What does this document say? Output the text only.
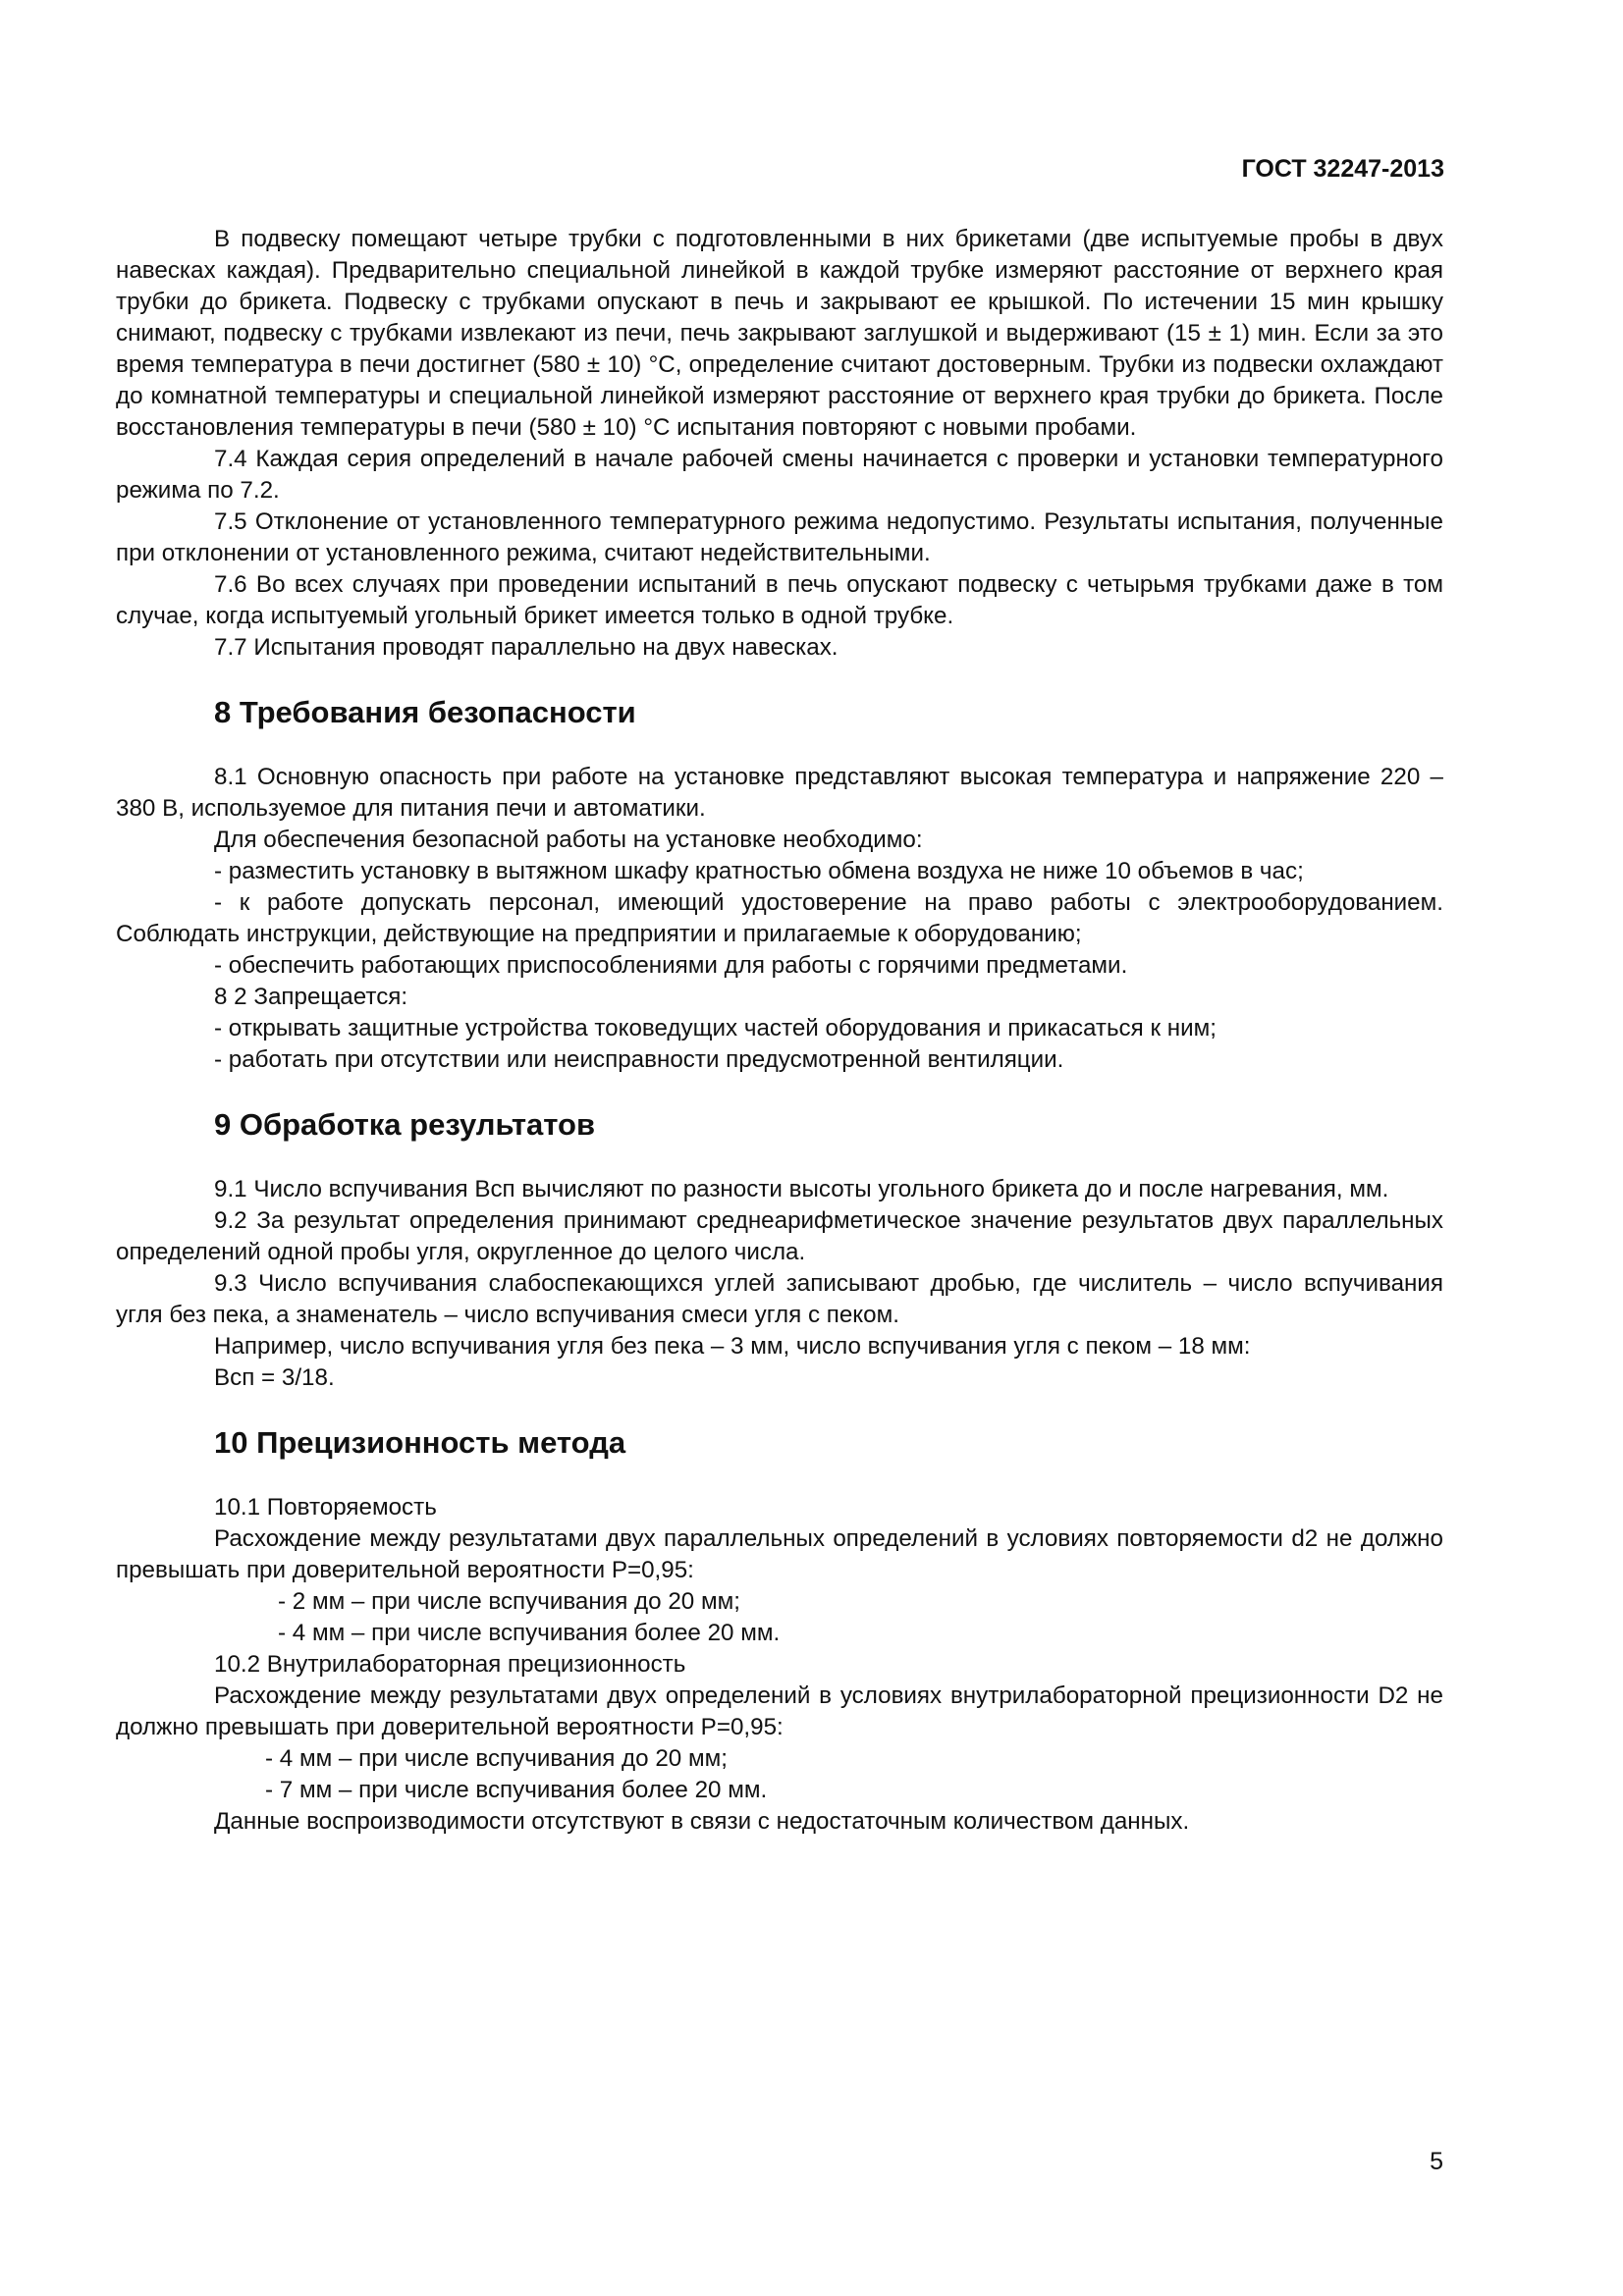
ГОСТ 32247-2013

В подвеску помещают четыре трубки с подготовленными в них брикетами (две испытуемые пробы в двух навесках каждая). Предварительно специальной линейкой в каждой трубке измеряют расстояние от верхнего края трубки до брикета. Подвеску с трубками опускают в печь и закрывают ее крышкой. По истечении 15 мин крышку снимают, подвеску с трубками извлекают из печи, печь закрывают заглушкой и выдерживают (15 ± 1) мин. Если за это время температура в печи достигнет (580 ± 10) °С, определение считают достоверным. Трубки из подвески охлаждают до комнатной температуры и специальной линейкой измеряют расстояние от верхнего края трубки до брикета. После восстановления температуры в печи (580 ± 10) °С испытания повторяют с новыми пробами.

7.4 Каждая серия определений в начале рабочей смены начинается с проверки и установки температурного режима по 7.2.

7.5 Отклонение от установленного температурного режима недопустимо. Результаты испытания, полученные при отклонении от установленного режима, считают недействительными.

7.6 Во всех случаях при проведении испытаний в печь опускают подвеску с четырьмя трубками даже в том случае, когда испытуемый угольный брикет имеется только в одной трубке.

7.7 Испытания проводят параллельно на двух навесках.

8 Требования безопасности

8.1 Основную опасность при работе на установке представляют высокая температура и напряжение 220 – 380 В, используемое для питания печи и автоматики.

Для обеспечения безопасной работы на установке необходимо:

- разместить установку в вытяжном шкафу кратностью обмена воздуха не ниже 10 объемов в час;

- к работе допускать персонал, имеющий удостоверение на право работы с электрооборудованием. Соблюдать инструкции, действующие на предприятии и прилагаемые к оборудованию;

- обеспечить работающих приспособлениями для работы с горячими предметами.

8 2 Запрещается:

- открывать защитные устройства токоведущих частей оборудования и прикасаться к ним;

- работать при отсутствии или неисправности предусмотренной вентиляции.

9 Обработка результатов

9.1 Число вспучивания Всп вычисляют по разности высоты угольного брикета до и после нагревания, мм.

9.2 За результат определения принимают среднеарифметическое значение результатов двух параллельных определений одной пробы угля, округленное до целого числа.

9.3 Число вспучивания слабоспекающихся углей записывают дробью, где числитель – число вспучивания угля без пека, а знаменатель – число вспучивания смеси угля с пеком.

Например, число вспучивания угля без пека – 3 мм, число вспучивания угля с пеком – 18 мм:

Всп = 3/18.

10 Прецизионность метода

10.1 Повторяемость

Расхождение между результатами двух параллельных определений в условиях повторяемости d2 не должно превышать при доверительной вероятности Р=0,95:

- 2 мм – при числе вспучивания до 20 мм;

- 4 мм – при числе вспучивания более 20 мм.

10.2 Внутрилабораторная прецизионность

Расхождение между результатами двух определений в условиях внутрилабораторной прецизионности D2 не должно превышать при доверительной вероятности Р=0,95:

- 4 мм – при числе вспучивания до 20 мм;

- 7 мм – при числе вспучивания более 20 мм.

Данные воспроизводимости отсутствуют в связи с недостаточным количеством данных.

5
